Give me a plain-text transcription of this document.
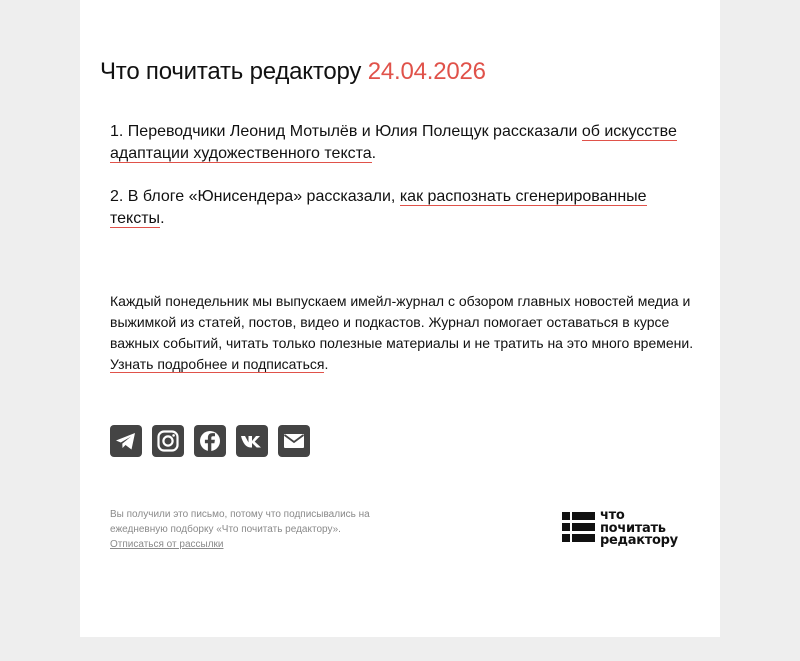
Что почитать редактору 24.04.2026

1. Переводчики Леонид Мотылёв и Юлия Полещук рассказали об искусстве адаптации художественного текста.

2. В блоге «Юнисендера» рассказали, как распознать сгенерированные тексты.

Каждый понедельник мы выпускаем имейл-журнал с обзором главных новостей медиа и выжимкой из статей, постов, видео и подкастов. Журнал помогает оставаться в курсе важных событий, читать только полезные материалы и не тратить на это много времени. Узнать подробнее и подписаться.

Вы получили это письмо, потому что подписывались на ежедневную подборку «Что почитать редактору».
Отписаться от рассылки

что
почитать
редактору
